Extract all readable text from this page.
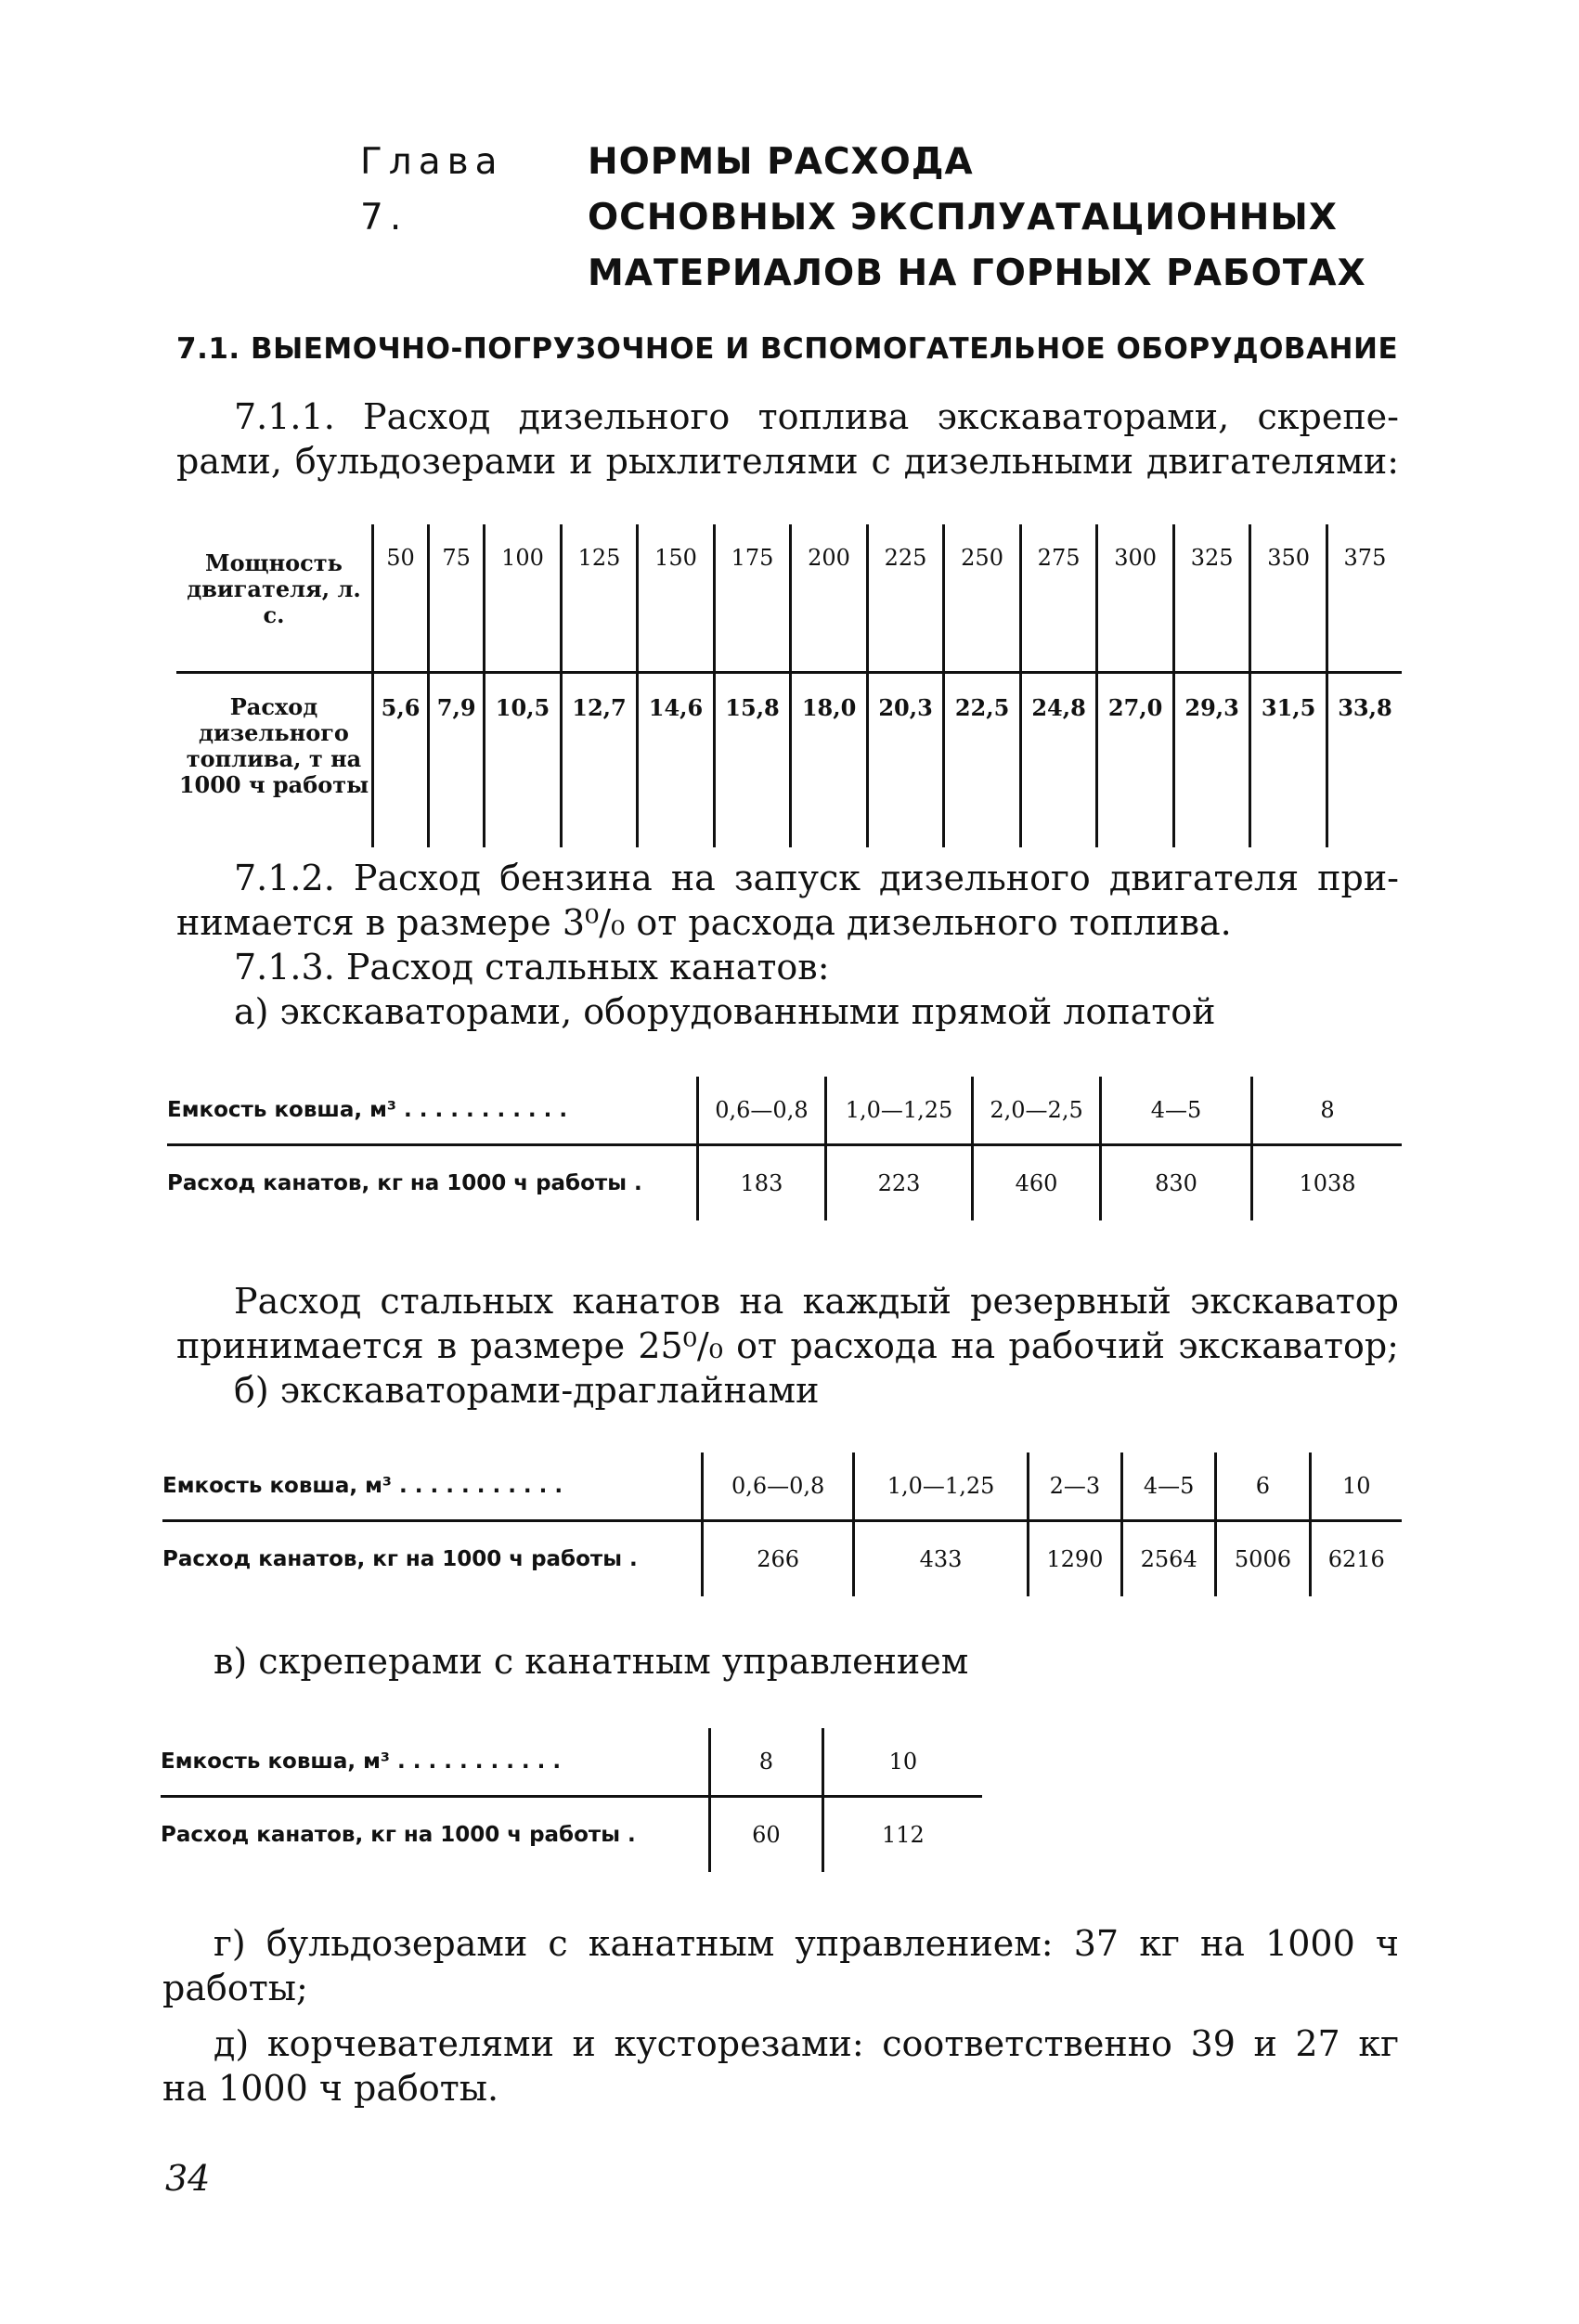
Глава 7.
НОРМЫ РАСХОДА
ОСНОВНЫХ ЭКСПЛУАТАЦИОННЫХ
МАТЕРИАЛОВ НА ГОРНЫХ РАБОТАХ
7.1. ВЫЕМОЧНО-ПОГРУЗОЧНОЕ И ВСПОМОГАТЕЛЬНОЕ ОБОРУДОВАНИЕ
7.1.1. Расход дизельного топлива экскаваторами, скрепе-
рами, бульдозерами и рыхлителями с дизельными двигателями:
Мощность двигателя, л. с.	50	75	100	125	150	175	200	225	250	275	300	325	350	375
Расход дизельного топлива, т на 1000 ч работы	5,6	7,9	10,5	12,7	14,6	15,8	18,0	20,3	22,5	24,8	27,0	29,3	31,5	33,8
7.1.2. Расход бензина на запуск дизельного двигателя при-
нимается в размере 3⁰/₀ от расхода дизельного топлива.
7.1.3. Расход стальных канатов:
а) экскаваторами, оборудованными прямой лопатой
Емкость ковша, м³ . . . . . . . . . . .	0,6—0,8	1,0—1,25	2,0—2,5	4—5	8
Расход канатов, кг на 1000 ч работы .	183	223	460	830	1038
Расход стальных канатов на каждый резервный экскаватор
принимается в размере 25⁰/₀ от расхода на рабочий экскаватор;
б) экскаваторами-драглайнами
Емкость ковша, м³ . . . . . . . . . . .	0,6—0,8	1,0—1,25	2—3	4—5	6	10
Расход канатов, кг на 1000 ч работы .	266	433	1290	2564	5006	6216
в) скреперами с канатным управлением
Емкость ковша, м³ . . . . . . . . . . .	8	10
Расход канатов, кг на 1000 ч работы .	60	112
г) бульдозерами с канатным управлением: 37 кг на 1000 ч
работы;
д) корчевателями и кусторезами: соответственно 39 и 27 кг
на 1000 ч работы.
34
